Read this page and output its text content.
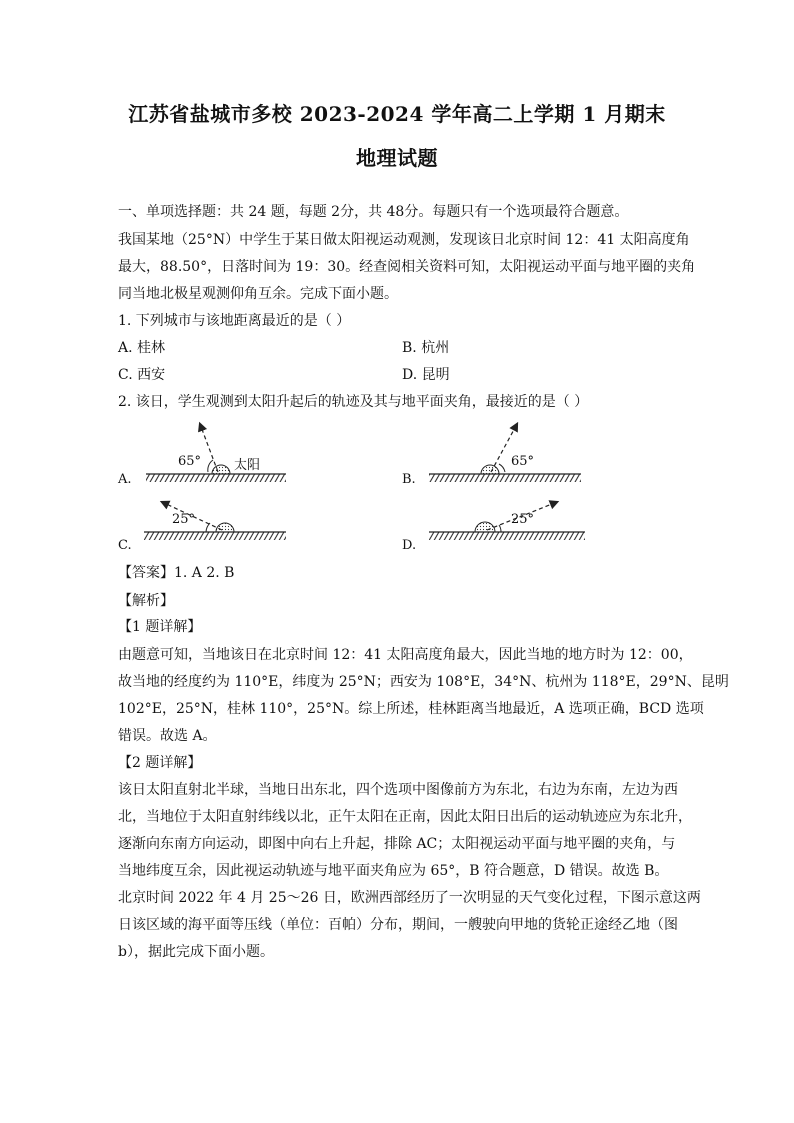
江苏省盐城市多校 2023-2024 学年高二上学期 1 月期末
地理试题
一、单项选择题：共 24 题，每题 2分，共 48分。每题只有一个选项最符合题意。
我国某地（25°N）中学生于某日做太阳视运动观测，发现该日北京时间 12：41 太阳高度角
最大，88.50°，日落时间为 19：30。经查阅相关资料可知，太阳视运动平面与地平圈的夹角
同当地北极星观测仰角互余。完成下面小题。
1. 下列城市与该地距离最近的是（ ）
A. 桂林	B. 杭州
C. 西安	D. 昆明
2. 该日，学生观测到太阳升起后的轨迹及其与地平面夹角，最接近的是（ ）
A.
65°	太阳
B.
65°
C.
25°
D.
25°
【答案】1. A 2. B
【解析】
【1 题详解】
由题意可知，当地该日在北京时间 12：41 太阳高度角最大，因此当地的地方时为 12：00，
故当地的经度约为 110°E，纬度为 25°N；西安为 108°E，34°N、杭州为 118°E，29°N、昆明
102°E，25°N，桂林 110°，25°N。综上所述，桂林距离当地最近，A 选项正确，BCD 选项
错误。故选 A。
【2 题详解】
该日太阳直射北半球，当地日出东北，四个选项中图像前方为东北，右边为东南，左边为西
北，当地位于太阳直射纬线以北，正午太阳在正南，因此太阳日出后的运动轨迹应为东北升，
逐渐向东南方向运动，即图中向右上升起，排除 AC；太阳视运动平面与地平圈的夹角，与
当地纬度互余，因此视运动轨迹与地平面夹角应为 65°，B 符合题意，D 错误。故选 B。
北京时间 2022 年 4 月 25～26 日，欧洲西部经历了一次明显的天气变化过程，下图示意这两
日该区域的海平面等压线（单位：百帕）分布，期间，一艘驶向甲地的货轮正途经乙地（图
b），据此完成下面小题。
